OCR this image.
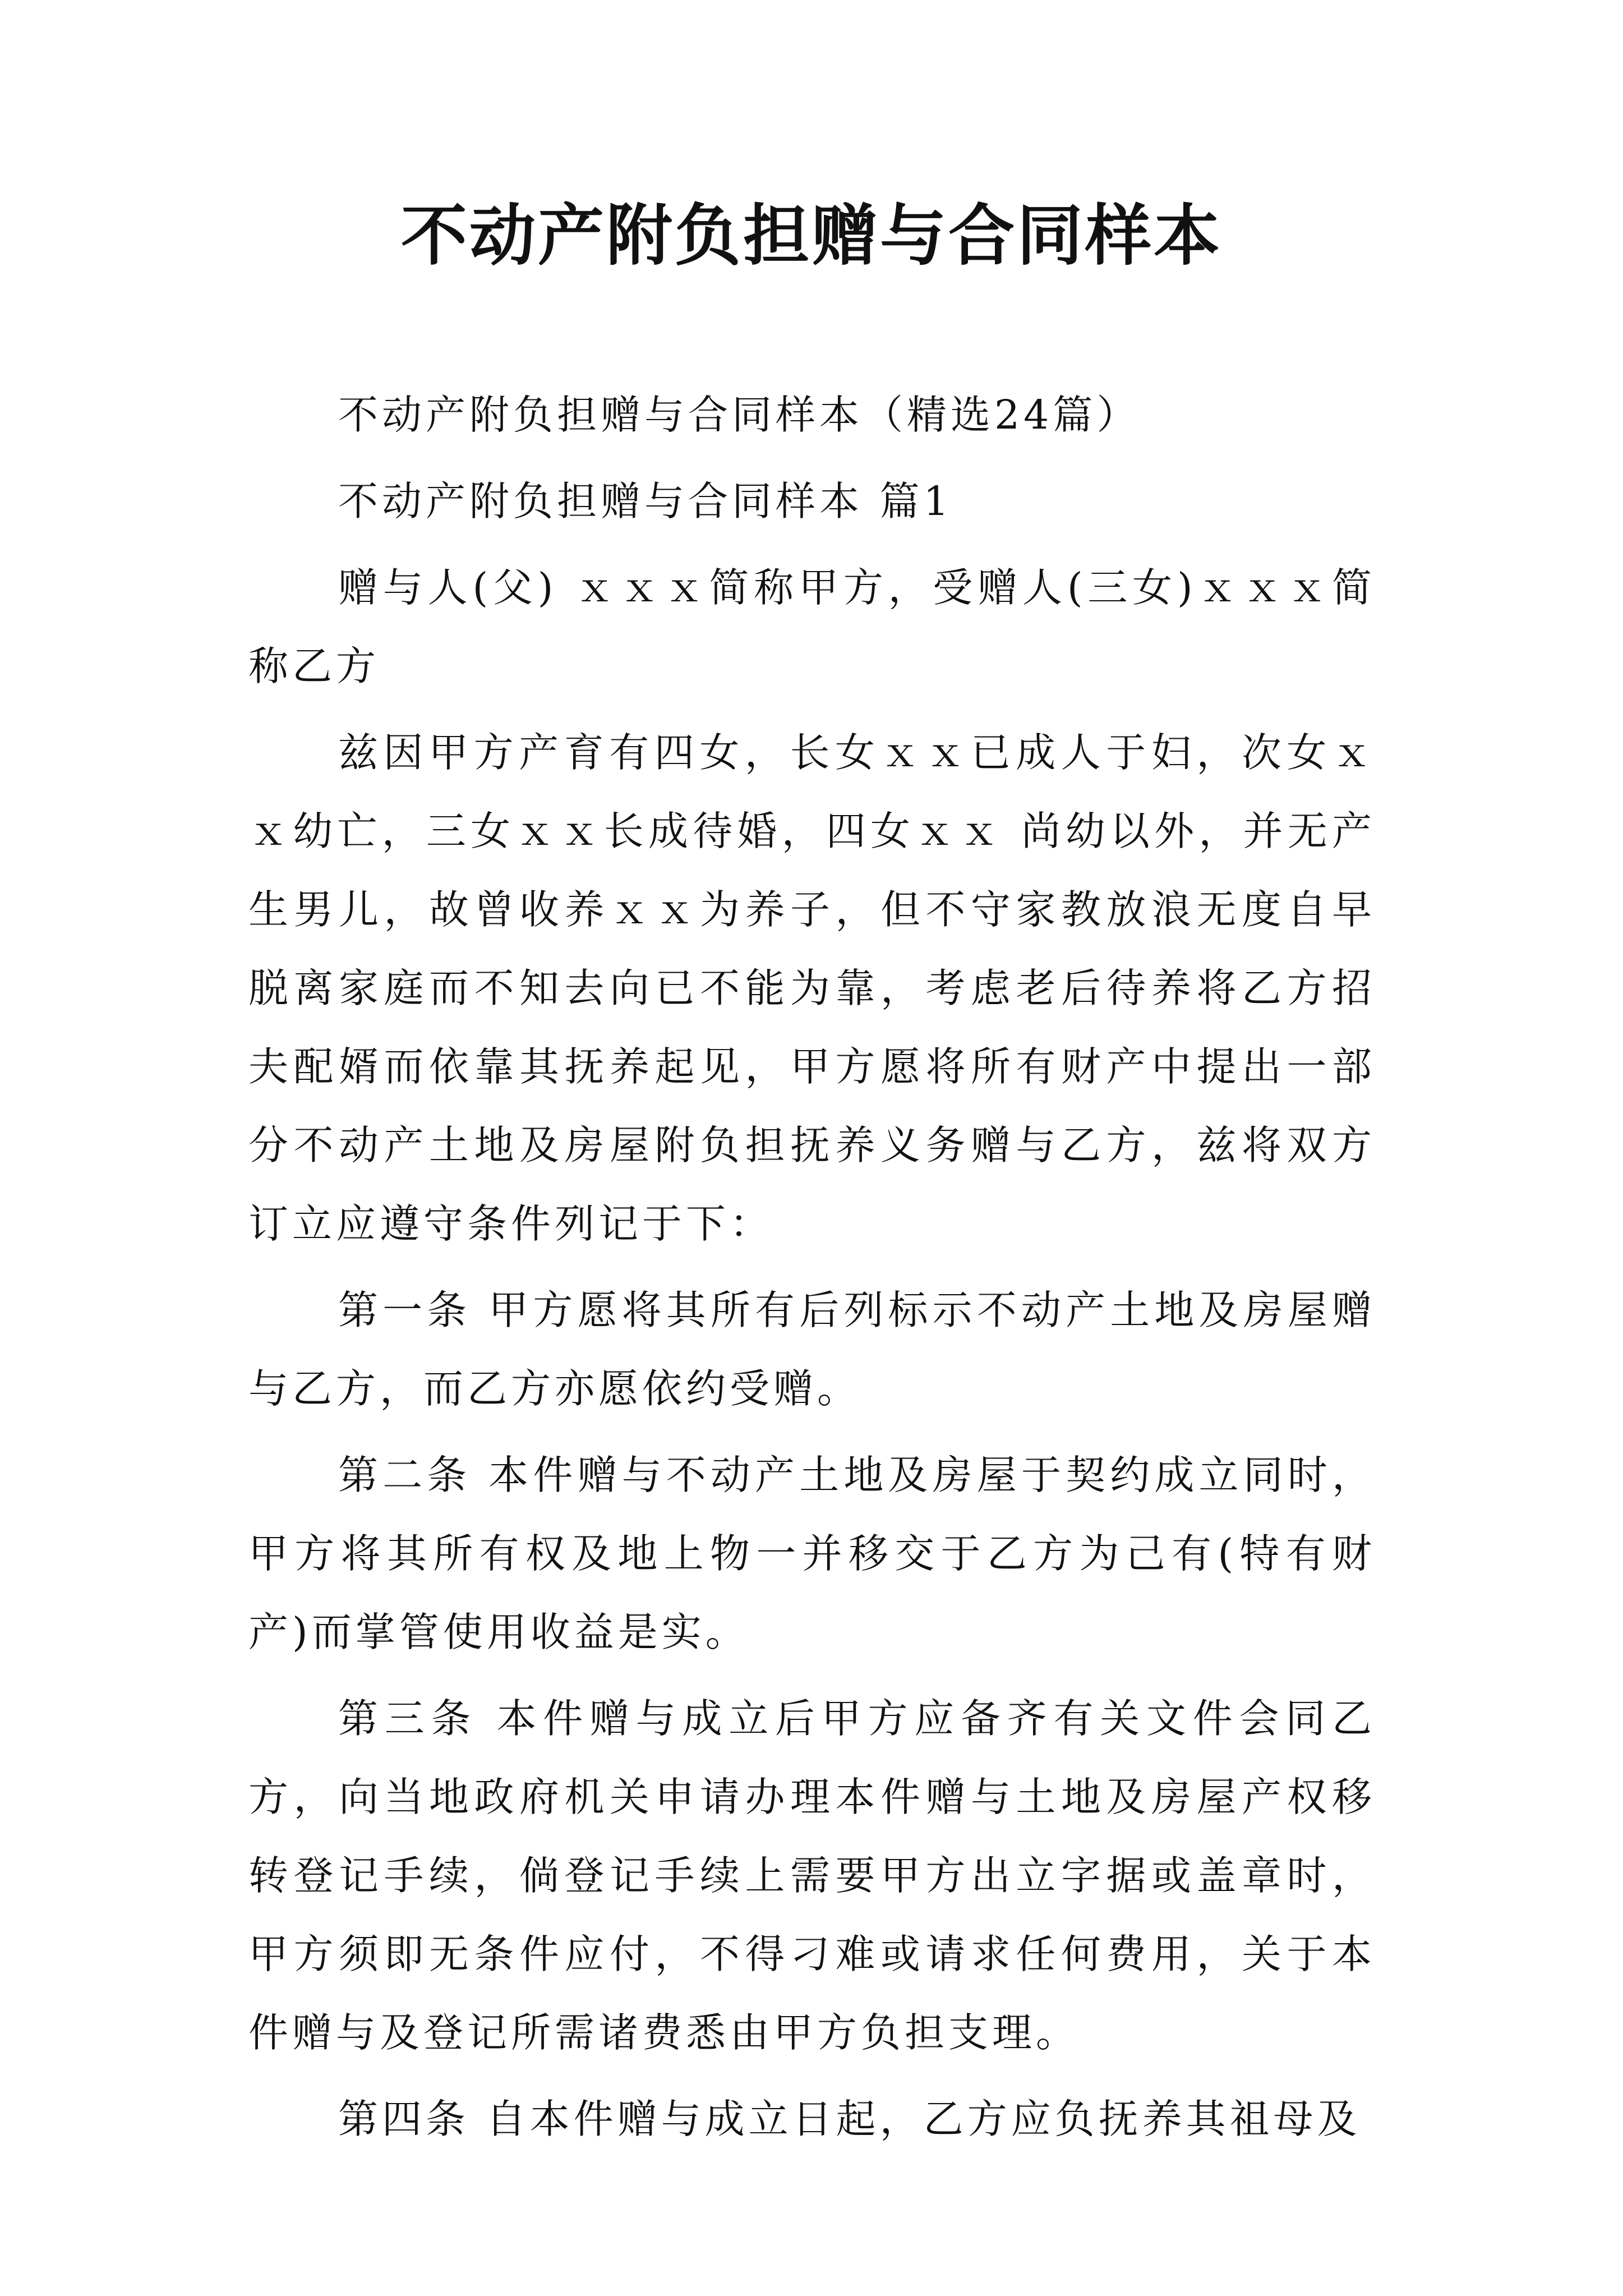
不动产附负担赠与合同样本

不动产附负担赠与合同样本（精选24篇）

不动产附负担赠与合同样本 篇1

赠与人(父) ｘｘｘ简称甲方，受赠人(三女)ｘｘｘ简称乙方

兹因甲方产育有四女，长女ｘｘ已成人于妇，次女ｘｘ幼亡，三女ｘｘ长成待婚，四女ｘｘ 尚幼以外，并无产生男儿，故曾收养ｘｘ为养子，但不守家教放浪无度自早脱离家庭而不知去向已不能为靠，考虑老后待养将乙方招夫配婿而依靠其抚养起见，甲方愿将所有财产中提出一部分不动产土地及房屋附负担抚养义务赠与乙方，兹将双方订立应遵守条件列记于下：

第一条 甲方愿将其所有后列标示不动产土地及房屋赠与乙方，而乙方亦愿依约受赠。

第二条 本件赠与不动产土地及房屋于契约成立同时，甲方将其所有权及地上物一并移交于乙方为己有(特有财产)而掌管使用收益是实。

第三条 本件赠与成立后甲方应备齐有关文件会同乙方，向当地政府机关申请办理本件赠与土地及房屋产权移转登记手续，倘登记手续上需要甲方出立字据或盖章时，甲方须即无条件应付，不得刁难或请求任何费用，关于本件赠与及登记所需诸费悉由甲方负担支理。

第四条 自本件赠与成立日起，乙方应负抚养其祖母及
